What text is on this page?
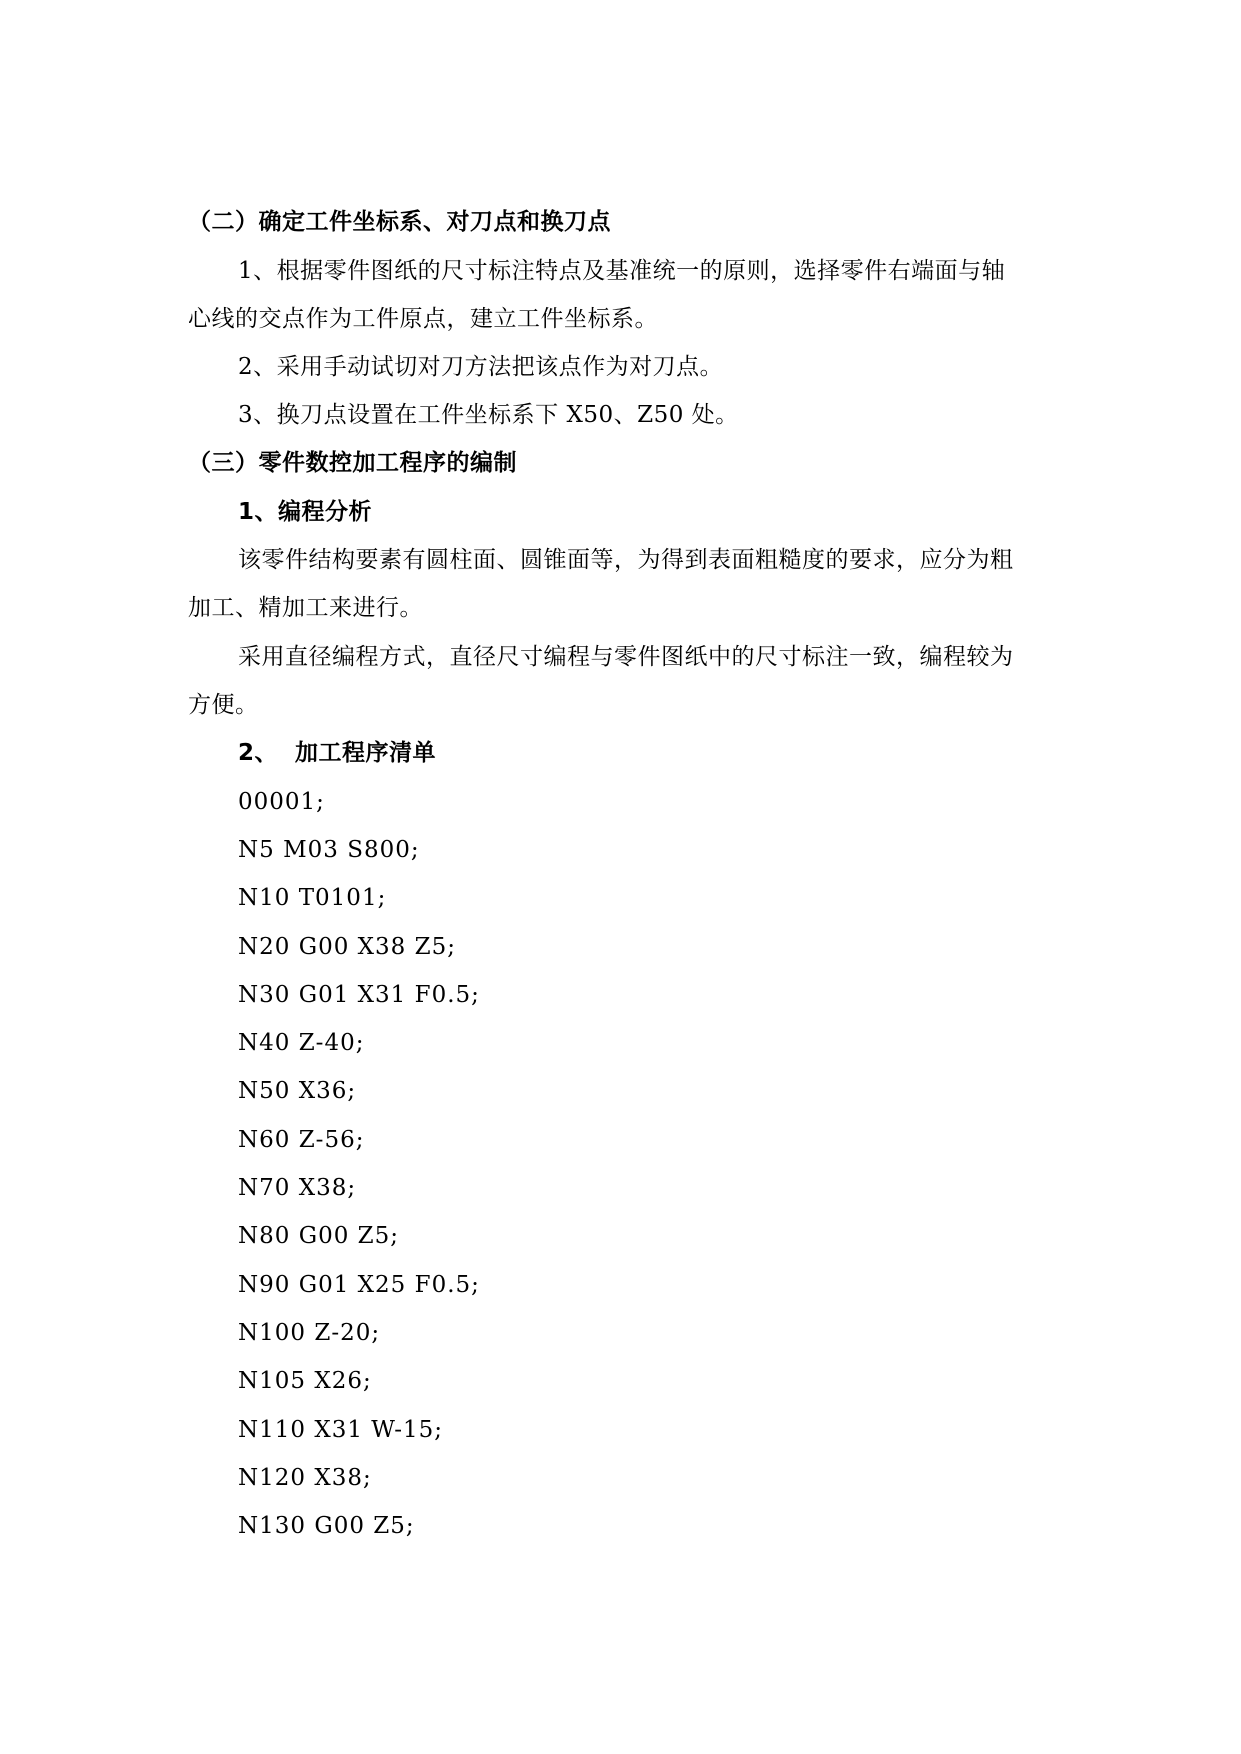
（二）确定工件坐标系、对刀点和换刀点
1、根据零件图纸的尺寸标注特点及基准统一的原则，选择零件右端面与轴
心线的交点作为工件原点，建立工件坐标系。
2、采用手动试切对刀方法把该点作为对刀点。
3、换刀点设置在工件坐标系下 X50、Z50 处。
（三）零件数控加工程序的编制
1、编程分析
该零件结构要素有圆柱面、圆锥面等，为得到表面粗糙度的要求，应分为粗
加工、精加工来进行。
采用直径编程方式，直径尺寸编程与零件图纸中的尺寸标注一致，编程较为
方便。
2、  加工程序清单
00001;
N5 M03 S800;
N10 T0101;
N20 G00 X38 Z5;
N30 G01 X31 F0.5;
N40 Z-40;
N50 X36;
N60 Z-56;
N70 X38;
N80 G00 Z5;
N90 G01 X25 F0.5;
N100 Z-20;
N105 X26;
N110 X31 W-15;
N120 X38;
N130 G00 Z5;
